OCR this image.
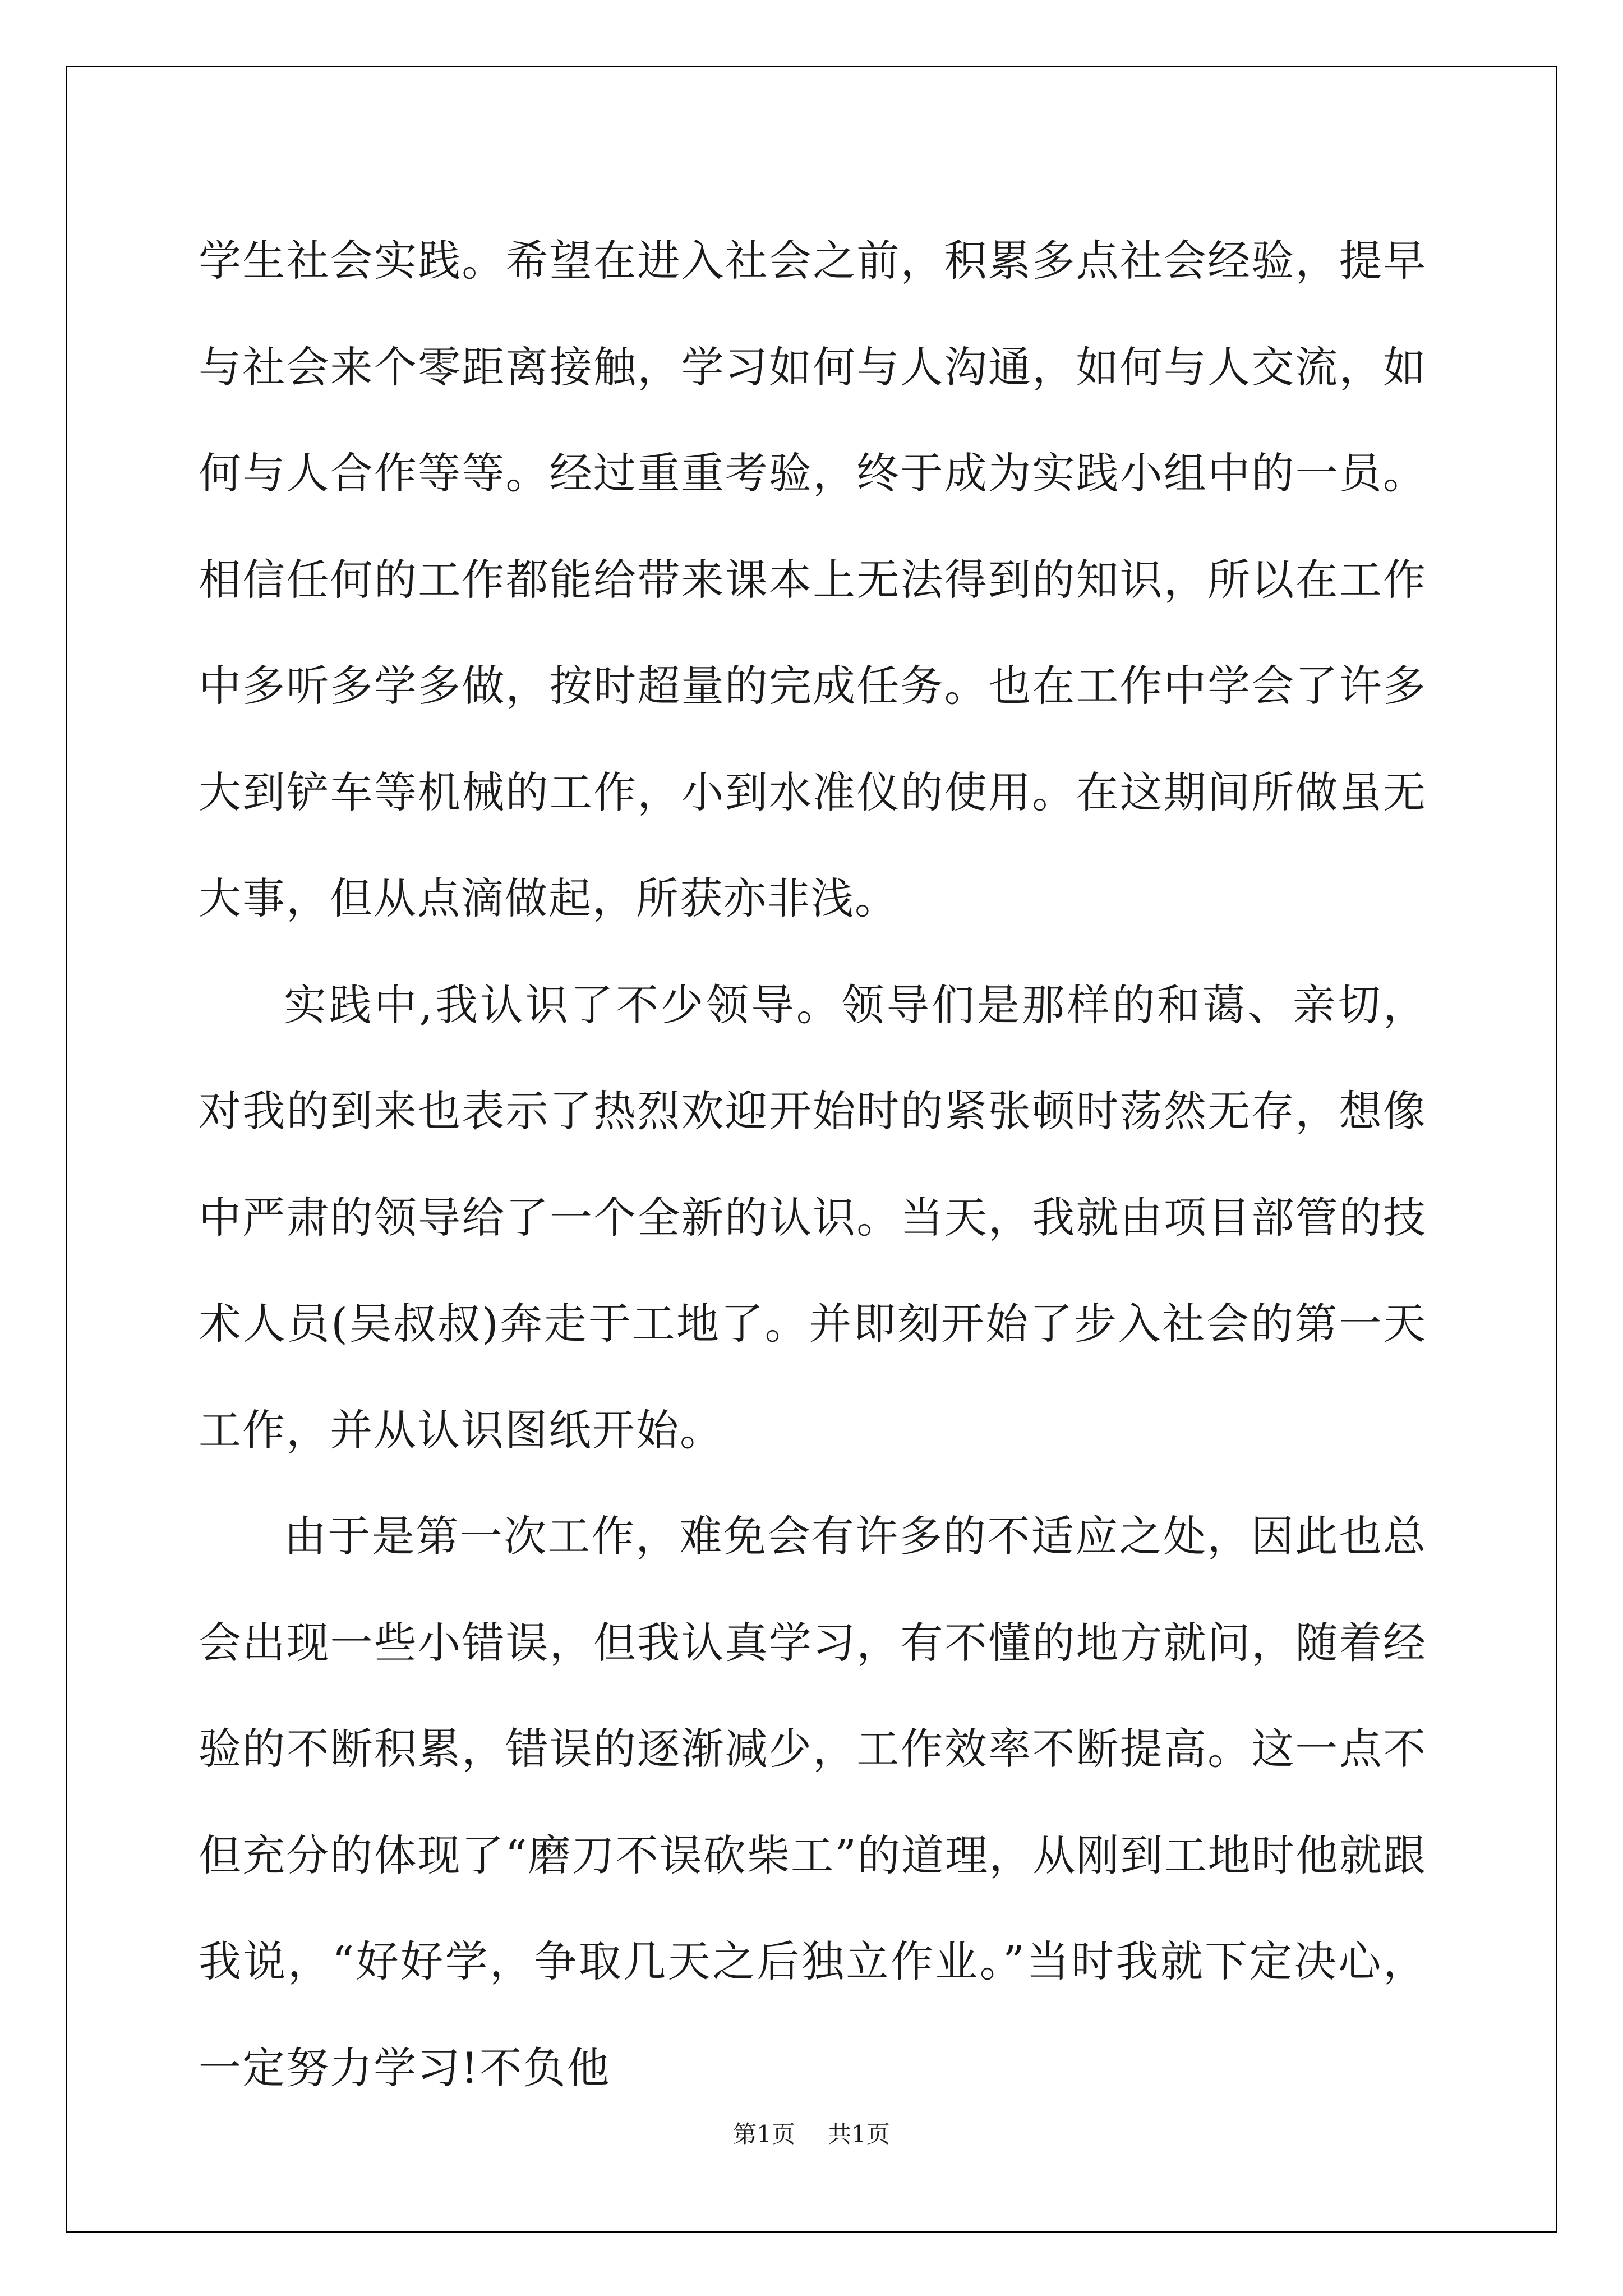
学生社会实践。希望在进入社会之前，积累多点社会经验，提早与社会来个零距离接触，学习如何与人沟通，如何与人交流，如何与人合作等等。经过重重考验，终于成为实践小组中的一员。相信任何的工作都能给带来课本上无法得到的知识，所以在工作中多听多学多做，按时超量的完成任务。也在工作中学会了许多大到铲车等机械的工作，小到水准仪的使用。在这期间所做虽无大事，但从点滴做起，所获亦非浅。

实践中,我认识了不少领导。领导们是那样的和蔼、亲切，对我的到来也表示了热烈欢迎开始时的紧张顿时荡然无存，想像中严肃的领导给了一个全新的认识。当天，我就由项目部管的技术人员(吴叔叔)奔走于工地了。并即刻开始了步入社会的第一天工作，并从认识图纸开始。

由于是第一次工作，难免会有许多的不适应之处，因此也总会出现一些小错误，但我认真学习，有不懂的地方就问，随着经验的不断积累，错误的逐渐减少，工作效率不断提高。这一点不但充分的体现了“磨刀不误砍柴工”的道理，从刚到工地时他就跟我说，“好好学，争取几天之后独立作业。”当时我就下定决心，一定努力学习!不负他

第1页 共1页
